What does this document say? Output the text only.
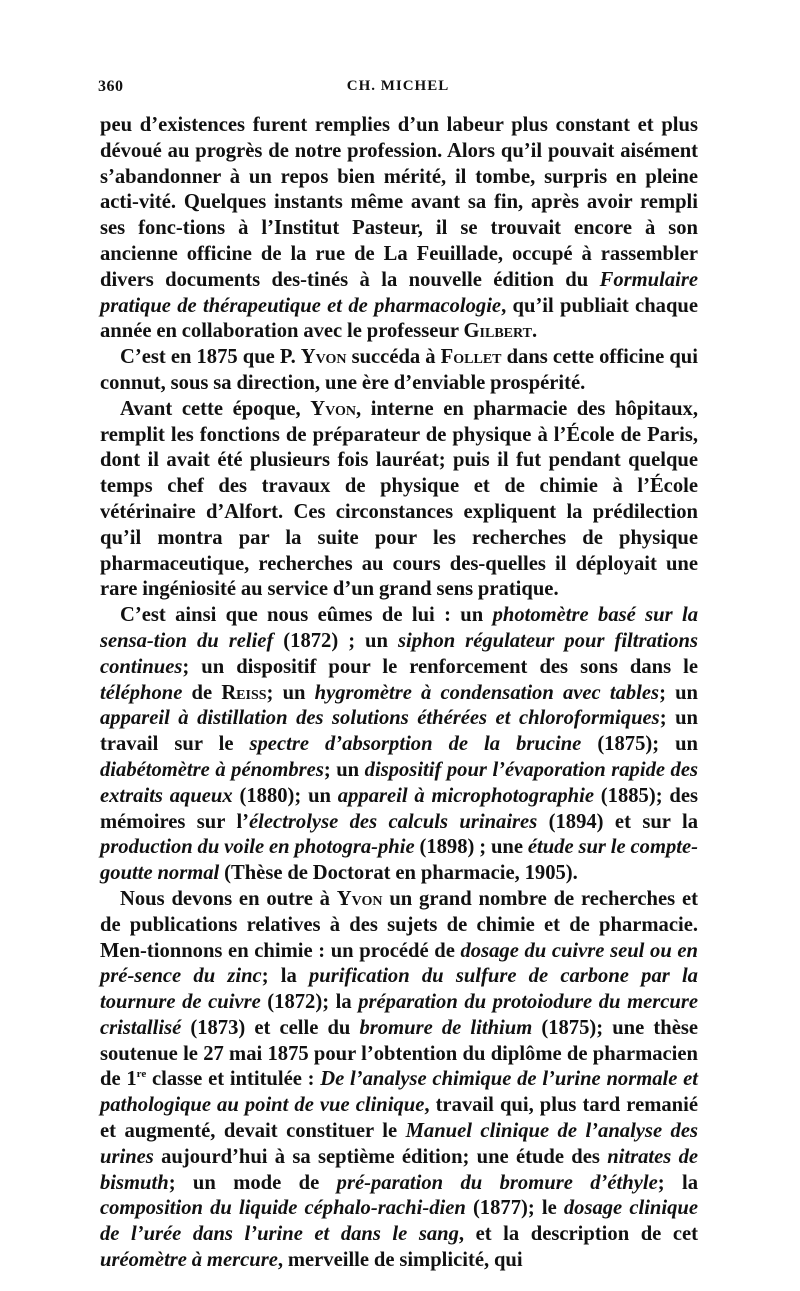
360	CH. MICHEL

peu d’existences furent remplies d’un labeur plus constant et plus dévoué au progrès de notre profession. Alors qu’il pouvait aisément s’abandonner à un repos bien mérité, il tombe, surpris en pleine acti-vité. Quelques instants même avant sa fin, après avoir rempli ses fonc-tions à l’Institut Pasteur, il se trouvait encore à son ancienne officine de la rue de La Feuillade, occupé à rassembler divers documents des-tinés à la nouvelle édition du Formulaire pratique de thérapeutique et de pharmacologie, qu’il publiait chaque année en collaboration avec le professeur Gilbert.

C’est en 1875 que P. Yvon succéda à Follet dans cette officine qui connut, sous sa direction, une ère d’enviable prospérité.

Avant cette époque, Yvon, interne en pharmacie des hôpitaux, remplit les fonctions de préparateur de physique à l’École de Paris, dont il avait été plusieurs fois lauréat; puis il fut pendant quelque temps chef des travaux de physique et de chimie à l’École vétérinaire d’Alfort. Ces circonstances expliquent la prédilection qu’il montra par la suite pour les recherches de physique pharmaceutique, recherches au cours des-quelles il déployait une rare ingéniosité au service d’un grand sens pratique.

C’est ainsi que nous eûmes de lui : un photomètre basé sur la sensa-tion du relief (1872) ; un siphon régulateur pour filtrations continues; un dispositif pour le renforcement des sons dans le téléphone de Reiss; un hygromètre à condensation avec tables; un appareil à distillation des solutions éthérées et chloroformiques; un travail sur le spectre d’absorption de la brucine (1875); un diabétomètre à pénombres; un dispositif pour l’évaporation rapide des extraits aqueux (1880); un appareil à microphotographie (1885); des mémoires sur l’électrolyse des calculs urinaires (1894) et sur la production du voile en photogra-phie (1898) ; une étude sur le compte-goutte normal (Thèse de Doctorat en pharmacie, 1905).

Nous devons en outre à Yvon un grand nombre de recherches et de publications relatives à des sujets de chimie et de pharmacie. Men-tionnons en chimie : un procédé de dosage du cuivre seul ou en pré-sence du zinc; la purification du sulfure de carbone par la tournure de cuivre (1872); la préparation du protoiodure du mercure cristallisé (1873) et celle du bromure de lithium (1875); une thèse soutenue le 27 mai 1875 pour l’obtention du diplôme de pharmacien de 1re classe et intitulée : De l’analyse chimique de l’urine normale et pathologique au point de vue clinique, travail qui, plus tard remanié et augmenté, devait constituer le Manuel clinique de l’analyse des urines aujourd’hui à sa septième édition; une étude des nitrates de bismuth; un mode de pré-paration du bromure d’éthyle; la composition du liquide céphalo-rachi-dien (1877); le dosage clinique de l’urée dans l’urine et dans le sang, et la description de cet uréomètre à mercure, merveille de simplicité, qui
